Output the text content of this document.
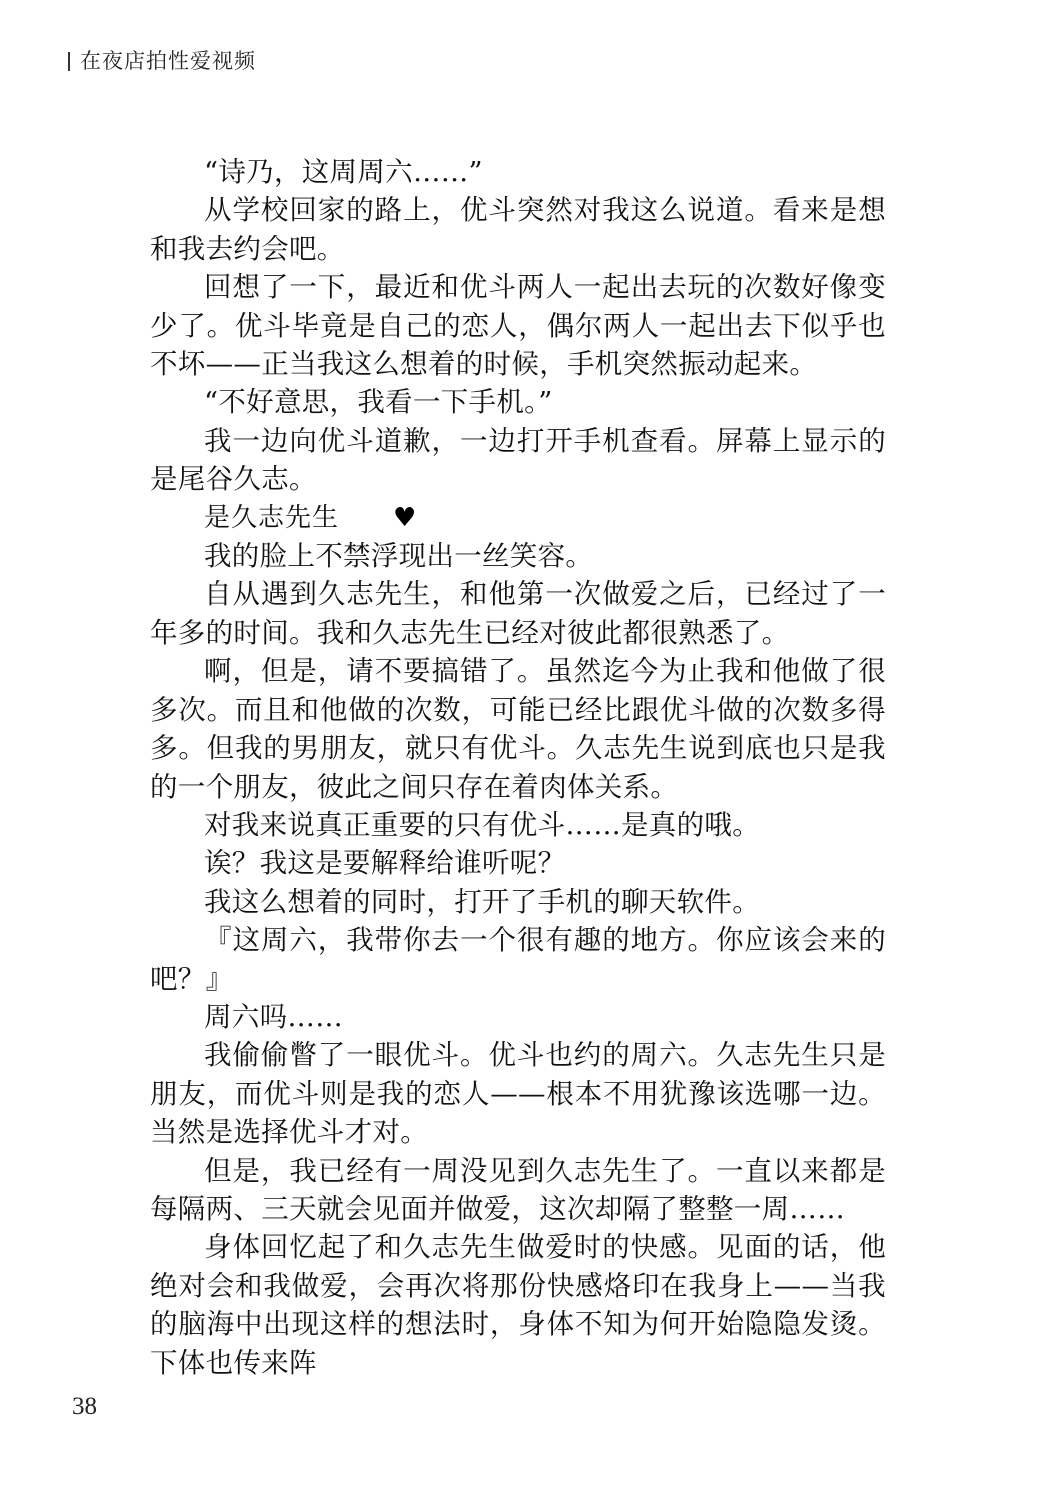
在夜店拍性爱视频

“诗乃，这周周六……”

从学校回家的路上，优斗突然对我这么说道。看来是想和我去约会吧。

回想了一下，最近和优斗两人一起出去玩的次数好像变少了。优斗毕竟是自己的恋人，偶尔两人一起出去下似乎也不坏——正当我这么想着的时候，手机突然振动起来。

“不好意思，我看一下手机。”

我一边向优斗道歉，一边打开手机查看。屏幕上显示的是尾谷久志。

是久志先生 ♥

我的脸上不禁浮现出一丝笑容。

自从遇到久志先生，和他第一次做爱之后，已经过了一年多的时间。我和久志先生已经对彼此都很熟悉了。

啊，但是，请不要搞错了。虽然迄今为止我和他做了很多次。而且和他做的次数，可能已经比跟优斗做的次数多得多。但我的男朋友，就只有优斗。久志先生说到底也只是我的一个朋友，彼此之间只存在着肉体关系。

对我来说真正重要的只有优斗……是真的哦。

诶？我这是要解释给谁听呢？

我这么想着的同时，打开了手机的聊天软件。

『这周六，我带你去一个很有趣的地方。你应该会来的吧？』

周六吗……

我偷偷瞥了一眼优斗。优斗也约的周六。久志先生只是朋友，而优斗则是我的恋人——根本不用犹豫该选哪一边。当然是选择优斗才对。

但是，我已经有一周没见到久志先生了。一直以来都是每隔两、三天就会见面并做爱，这次却隔了整整一周……

身体回忆起了和久志先生做爱时的快感。见面的话，他绝对会和我做爱，会再次将那份快感烙印在我身上——当我的脑海中出现这样的想法时，身体不知为何开始隐隐发烫。下体也传来阵

38
